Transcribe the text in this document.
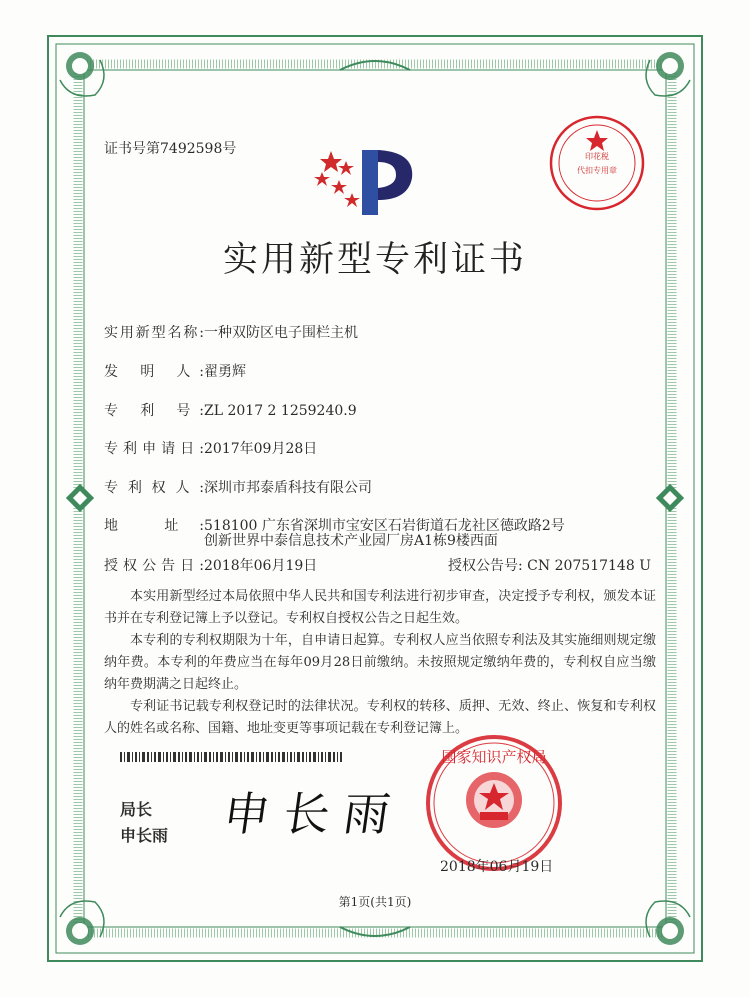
国家知识产权局
证书号第7492598号	印花税
代扣专用章
实用新型专利证书
实用新型名称:一种双防区电子围栏主机
发 明 人:翟勇辉
专 利 号:ZL 2017 2 1259240.9
专利申请日:2017年09月28日
专利权人:深圳市邦泰盾科技有限公司
地 址:518100 广东省深圳市宝安区石岩街道石龙社区德政路2号
创新世界中泰信息技术产业园厂房A1栋9楼西面
授权公告日:2018年06月19日	授权公告号: CN 207517148 U

本实用新型经过本局依照中华人民共和国专利法进行初步审查，决定授予专利权，颁发本证书并在专利登记簿上予以登记。专利权自授权公告之日起生效。

本专利的专利权期限为十年，自申请日起算。专利权人应当依照专利法及其实施细则规定缴纳年费。本专利的年费应当在每年09月28日前缴纳。未按照规定缴纳年费的，专利权自应当缴纳年费期满之日起终止。

专利证书记载专利权登记时的法律状况。专利权的转移、质押、无效、终止、恢复和专利权人的姓名或名称、国籍、地址变更等事项记载在专利登记簿上。

局长
申长雨 申长雨
2018年06月19日
第1页(共1页)
